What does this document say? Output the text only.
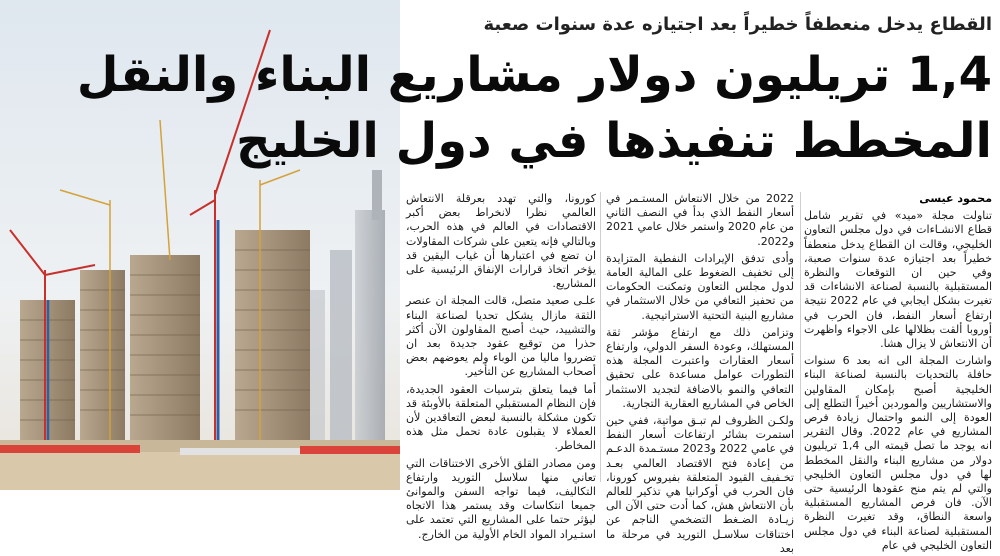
القطاع يدخل منعطفاً خطيراً بعد اجتيازه عدة سنوات صعبة
1,4 تريليون دولار مشاريع البناء والنقل
المخطط تنفيذها في دول الخليج
محمود عيسى

تناولت مجلة «ميد» في تقرير شامل قطاع الانشـاءات في دول مجلس التعاون الخليجي، وقالت ان القطاع يدخل منعطفاً خطيراً بعد اجتيازه عدة سنوات صعبة، وفي حين ان التوقعات والنظرة المستقبلية بالنسبة لصناعة الانشاءات قد تغيرت بشكل ايجابي في عام 2022 نتيجة ارتفاع أسعار النفط، فان الحرب في أوروبا ألقت بظلالها على الاجواء واظهرت أن الانتعاش لا يزال هشا.

واشارت المجلة الى انه بعد 6 سنوات حافلة بالتحديات بالنسبة لصناعة البناء الخليجية أصبح بإمكان المقاولين والاستشاريين والموردين أخيراً التطلع إلى العودة إلى النمو واحتمال زيادة فرص المشاريع في عام 2022. وقال التقرير انه يوجد ما تصل قيمته الى 1,4 تريليون دولار من مشاريع البناء والنقل المخطط لها في دول مجلس التعاون الخليجي والتي لم يتم منح عقودها الرئيسية حتى الآن. فان فرص المشاريع المستقبلية واسعة النطاق، وقد تغيرت النظرة المستقبلية لصناعة البناء في دول مجلس التعاون الخليجي في عام

2022 من خلال الانتعاش المستـمر في أسعار النفط الذي بدأ في النصف الثاني من عام 2020 واستمر خلال عامي 2021 و2022.

وأدى تدفق الإيرادات النفطية المتزايدة إلى تخفيف الضغوط على المالية العامة لدول مجلس التعاون وتمكنت الحكومات من تحفيز التعافي من خلال الاستثمار في مشاريع البنية التحتية الاستراتيجية.

وتزامن ذلك مع ارتفاع مؤشر ثقة المستهلك، وعودة السفر الدولي، وارتفاع أسعار العقارات واعتبرت المجلة هذه التطورات عوامل مساعدة على تحقيق التعافي والنمو بالاضافة لتجديد الاستثمار الخاص في المشاريع العقارية التجارية.

ولكـن الظروف لم تبـق مواتية، ففي حين استمرت بشائر ارتفاعات أسعار النفط في عامي 2022 و2023 مستـمدة الدعـم من إعادة فتح الاقتصاد العالمي بعـد تخـفيف القيود المتعلقة بفيروس كورونا، فان الحرب في أوكرانيا هي تذكير للعالم بأن الانتعاش هش، كما أدت حتى الآن الى زيـادة الضـغط التضخمي الناجم عن اختناقات سلاسـل التوريد في مرحلة ما بعد

كورونا، والتي تهدد بعرقلة الانتعاش العالمي نظرا لانخراط بعض أكبر الاقتصادات في العالم في هذه الحرب، وبالتالي فإنه يتعين على شركات المقاولات ان تضع في اعتبارها أن غياب اليقين قد يؤخر اتخاذ قرارات الإنفاق الرئيسية على المشاريع.

علـى صعيد متصل، قالت المجلة ان عنصر الثقة مازال يشكل تحديا لصناعة البناء والتشييد، حيث أصبح المقاولون الآن أكثر حذرا من توقيع عقود جديدة بعد ان تضرروا ماليا من الوباء ولم يعوضهم بعض أصحاب المشاريع عن التأخير.

أما فيما يتعلق بترسيات العقود الجديدة، فإن النظام المستقبلي المتعلقة بالأوبئة قد تكون مشكلة بالنسبة لبعض التعاقدين لأن العملاء لا يقبلون عادة تحمل مثل هذه المخاطر.

ومن مصادر القلق الأخرى الاختناقات التي تعاني منها سلاسل التوريد وارتفاع التكاليف، فيما تواجه السفن والموانئ جميعا انتكاسات وقد يستمر هذا الاتجاه ليؤثر حتما على المشاريع التي تعتمد على استـيراد المواد الخام الأولية من الخارج.
